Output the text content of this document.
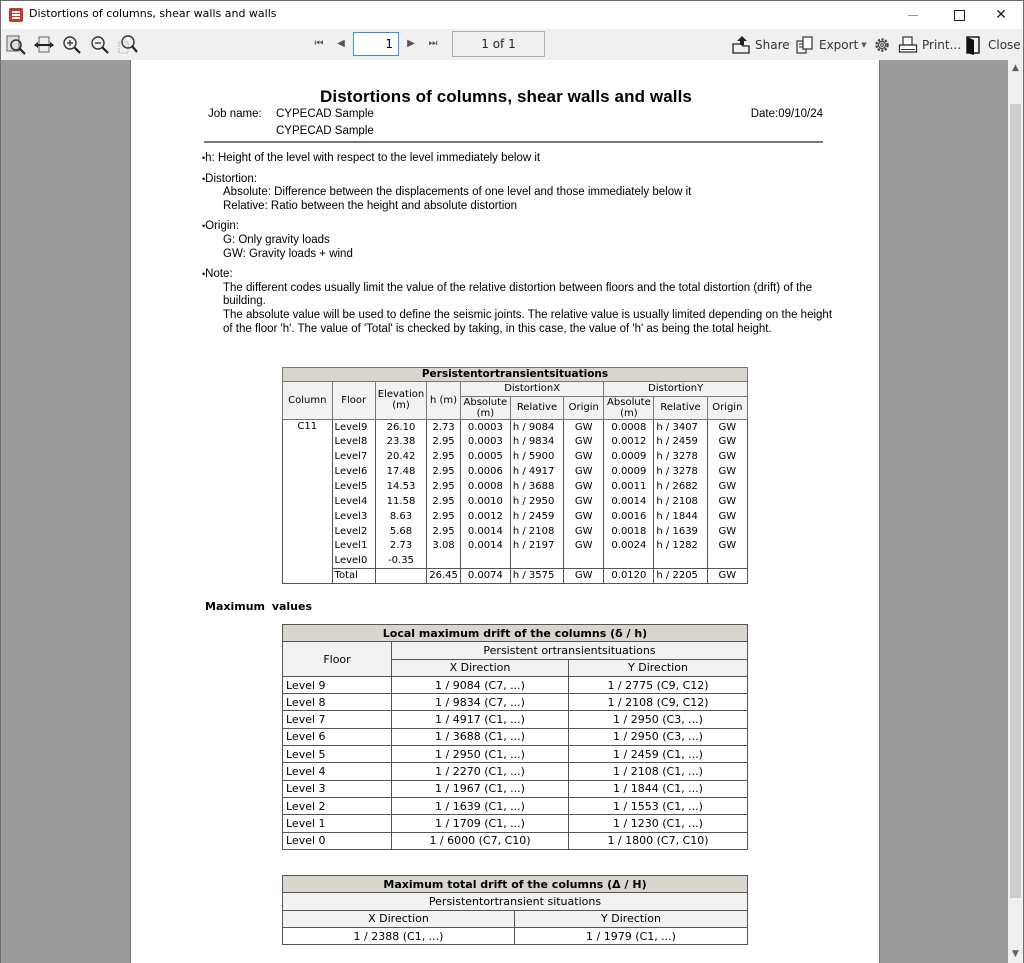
Distortions of columns, shear walls and walls	✕
⏮	◀	▶	⏭
1	1 of 1	Share Export ▼	Print... Close
Distortions of columns, shear walls and walls
Job name: CYPECAD Sample
CYPECAD Sample
Date:09/10/24
• h: Height of the level with respect to the level immediately below it
• Distortion:
Absolute: Difference between the displacements of one level and those immediately below it
Relative: Ratio between the height and absolute distortion
• Origin:
G: Only gravity loads
GW: Gravity loads + wind
• Note:
The different codes usually limit the value of the relative distortion between floors and the total distortion (drift) of the building.
The absolute value will be used to define the seismic joints. The relative value is usually limited depending on the height of the floor 'h'. The value of 'Total' is checked by taking, in this case, the value of 'h' as being the total height.
Persistentortransientsituations									
Column	Floor	Elevation (m)	h (m)	DistortionX			DistortionY		
				Absolute (m)	Relative	Origin	Absolute (m)	Relative	Origin
C11	Level9	26.10	2.73	0.0003	h / 9084	GW	0.0008	h / 3407	GW
	Level8	23.38	2.95	0.0003	h / 9834	GW	0.0012	h / 2459	GW
	Level7	20.42	2.95	0.0005	h / 5900	GW	0.0009	h / 3278	GW
	Level6	17.48	2.95	0.0006	h / 4917	GW	0.0009	h / 3278	GW
	Level5	14.53	2.95	0.0008	h / 3688	GW	0.0011	h / 2682	GW
	Level4	11.58	2.95	0.0010	h / 2950	GW	0.0014	h / 2108	GW
	Level3	8.63	2.95	0.0012	h / 2459	GW	0.0016	h / 1844	GW
	Level2	5.68	2.95	0.0014	h / 2108	GW	0.0018	h / 1639	GW
	Level1	2.73	3.08	0.0014	h / 2197	GW	0.0024	h / 1282	GW
	Level0	-0.35							
	Total		26.45	0.0074	h / 3575	GW	0.0120	h / 2205	GW
Maximum values
Local maximum drift of the columns (δ / h)		
Floor	Persistent ortransientsituations	
	X Direction	Y Direction
Level 9	1 / 9084 (C7, ...)	1 / 2775 (C9, C12)
Level 8	1 / 9834 (C7, ...)	1 / 2108 (C9, C12)
Level 7	1 / 4917 (C1, ...)	1 / 2950 (C3, ...)
Level 6	1 / 3688 (C1, ...)	1 / 2950 (C3, ...)
Level 5	1 / 2950 (C1, ...)	1 / 2459 (C1, ...)
Level 4	1 / 2270 (C1, ...)	1 / 2108 (C1, ...)
Level 3	1 / 1967 (C1, ...)	1 / 1844 (C1, ...)
Level 2	1 / 1639 (C1, ...)	1 / 1553 (C1, ...)
Level 1	1 / 1709 (C1, ...)	1 / 1230 (C1, ...)
Level 0	1 / 6000 (C7, C10)	1 / 1800 (C7, C10)
Maximum total drift of the columns (Δ / H)	
Persistentortransient situations	
X Direction	Y Direction
1 / 2388 (C1, ...)	1 / 1979 (C1, ...)
▲
▼
